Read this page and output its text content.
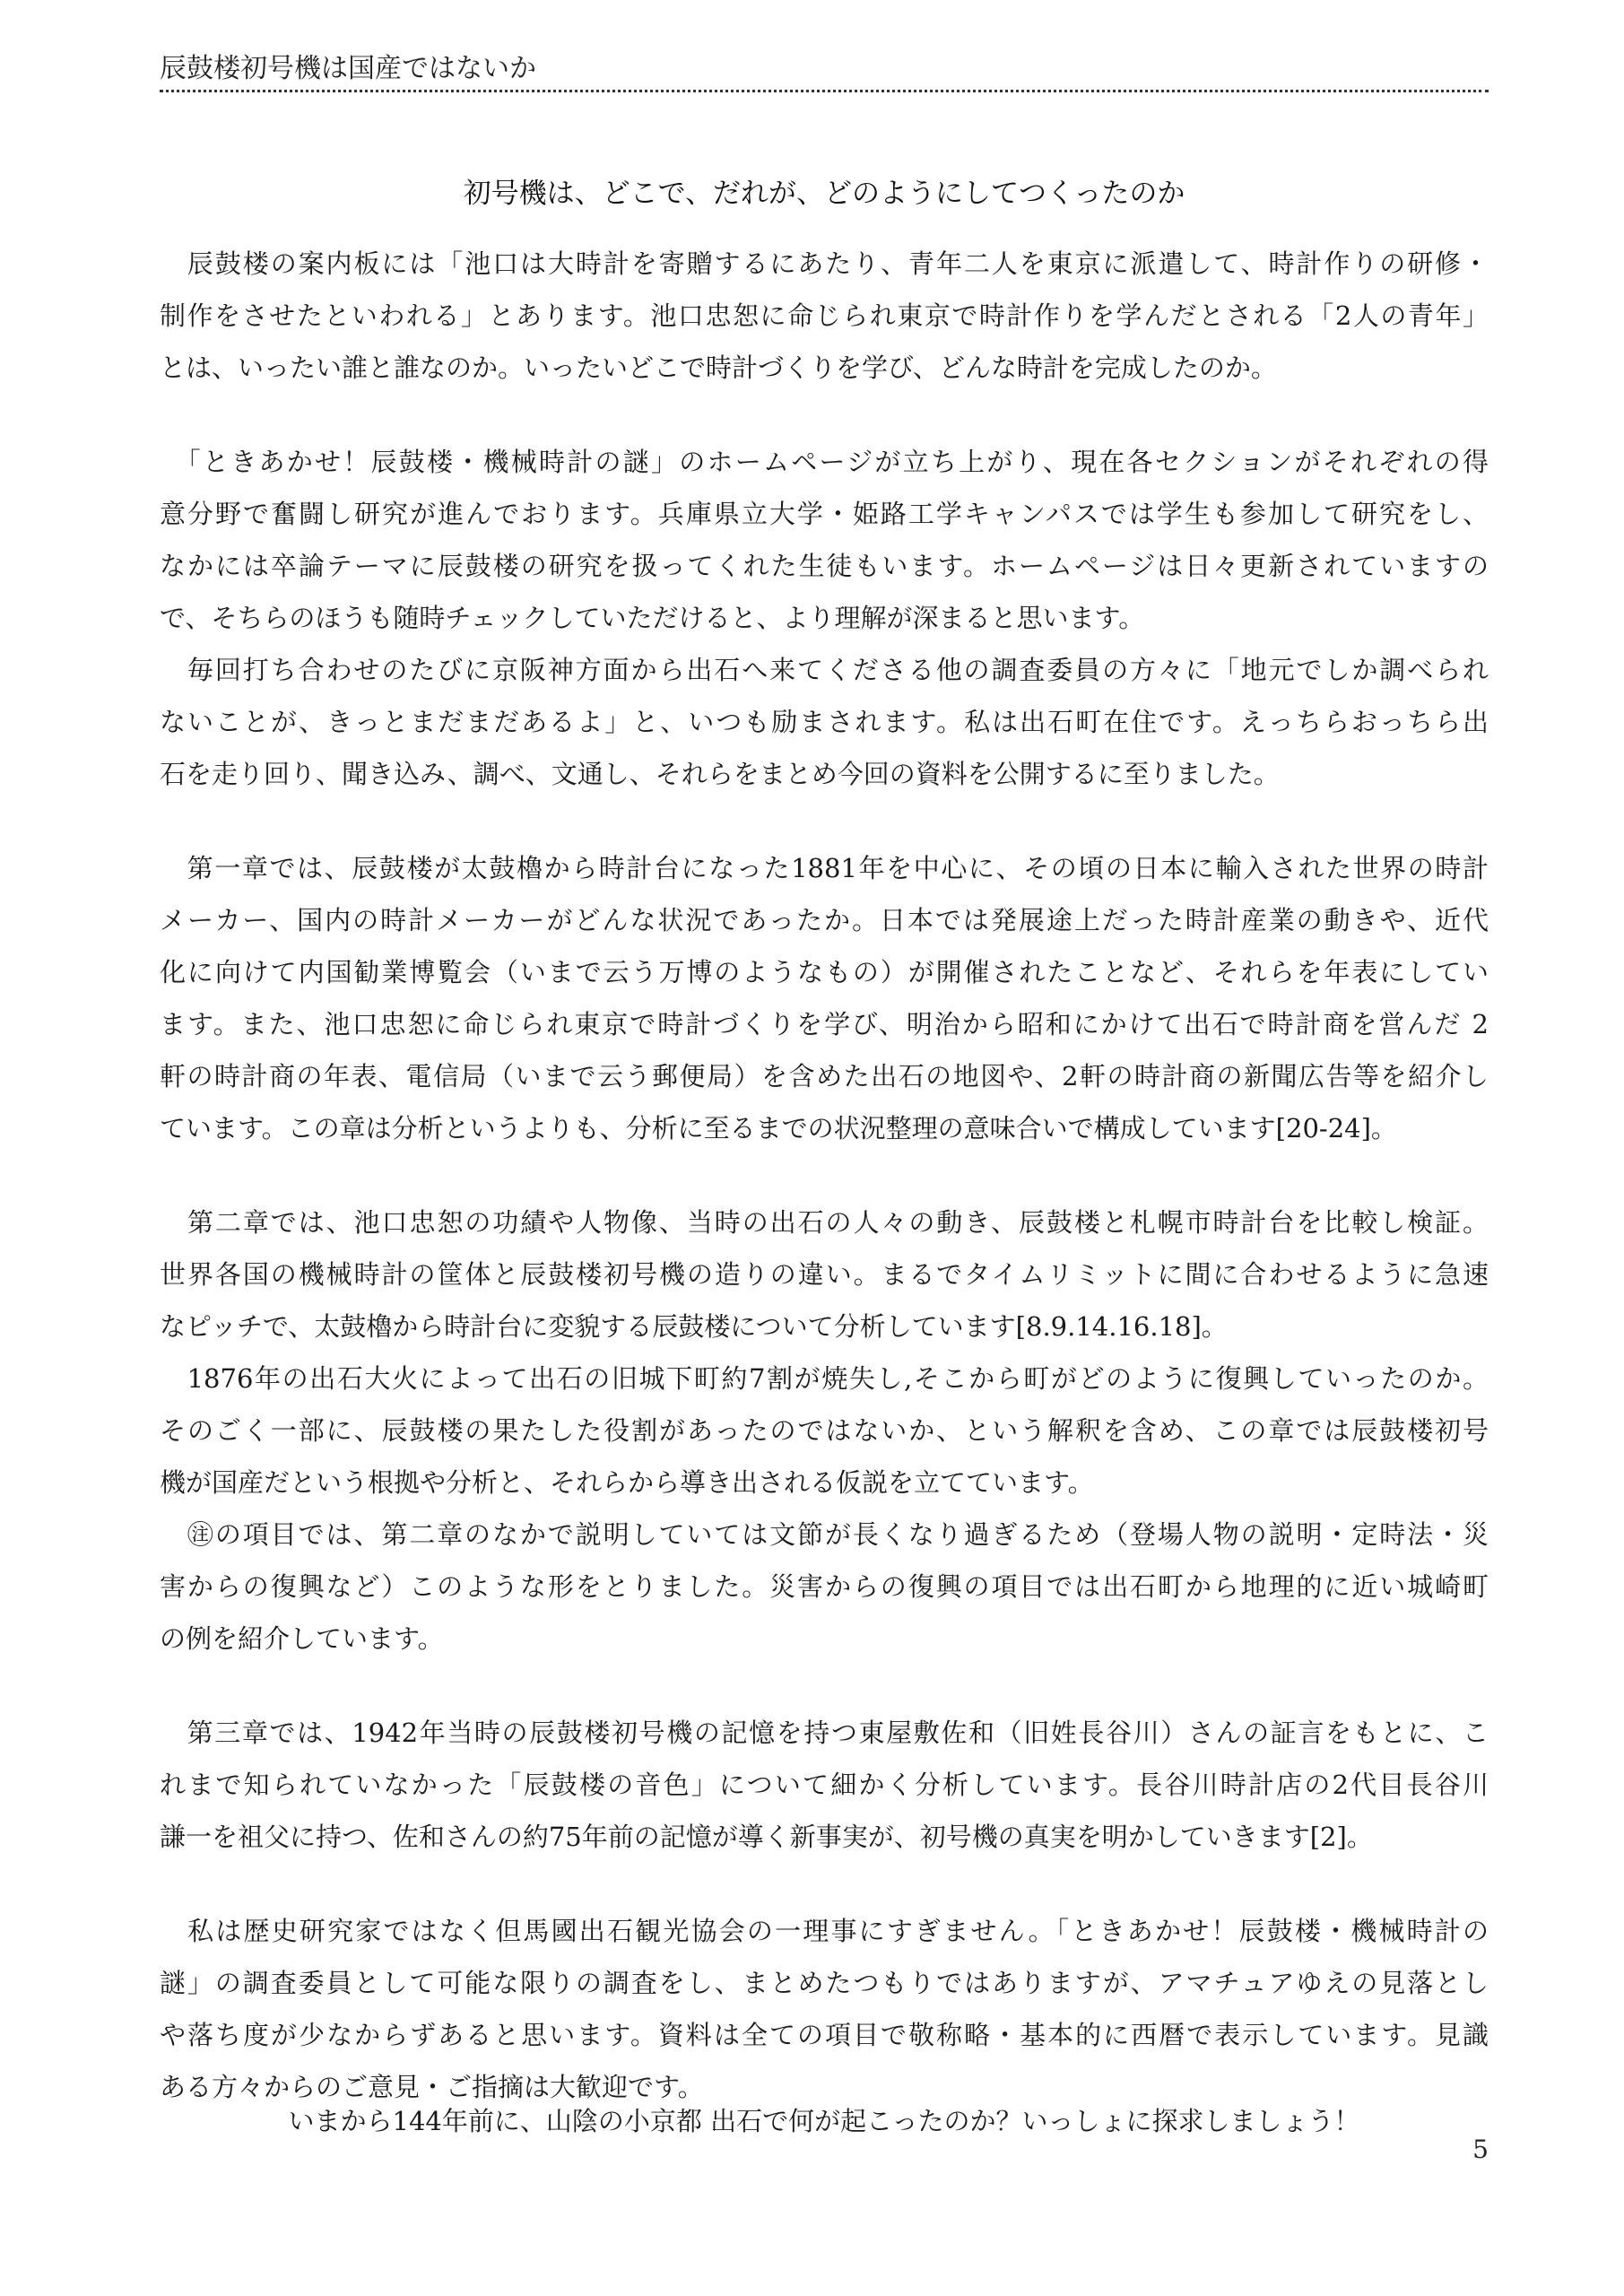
辰鼓楼初号機は国産ではないか
初号機は、どこで、だれが、どのようにしてつくったのか
　辰鼓楼の案内板には「池口は大時計を寄贈するにあたり、青年二人を東京に派遣して、時計作りの研修・
制作をさせたといわれる」とあります。池口忠恕に命じられ東京で時計作りを学んだとされる「2人の青年」
とは、いったい誰と誰なのか。いったいどこで時計づくりを学び、どんな時計を完成したのか。
　「ときあかせ！辰鼓楼・機械時計の謎」のホームページが立ち上がり、現在各セクションがそれぞれの得
意分野で奮闘し研究が進んでおります。兵庫県立大学・姫路工学キャンパスでは学生も参加して研究をし、
なかには卒論テーマに辰鼓楼の研究を扱ってくれた生徒もいます。ホームページは日々更新されていますの
で、そちらのほうも随時チェックしていただけると、より理解が深まると思います。
　毎回打ち合わせのたびに京阪神方面から出石へ来てくださる他の調査委員の方々に「地元でしか調べられ
ないことが、きっとまだまだあるよ」と、いつも励まされます。私は出石町在住です。えっちらおっちら出
石を走り回り、聞き込み、調べ、文通し、それらをまとめ今回の資料を公開するに至りました。
　第一章では、辰鼓楼が太鼓櫓から時計台になった1881年を中心に、その頃の日本に輸入された世界の時計
メーカー、国内の時計メーカーがどんな状況であったか。日本では発展途上だった時計産業の動きや、近代
化に向けて内国勧業博覧会（いまで云う万博のようなもの）が開催されたことなど、それらを年表にしてい
ます。また、池口忠恕に命じられ東京で時計づくりを学び、明治から昭和にかけて出石で時計商を営んだ 2
軒の時計商の年表、電信局（いまで云う郵便局）を含めた出石の地図や、2軒の時計商の新聞広告等を紹介し
ています。この章は分析というよりも、分析に至るまでの状況整理の意味合いで構成しています[20-24]。
　第二章では、池口忠恕の功績や人物像、当時の出石の人々の動き、辰鼓楼と札幌市時計台を比較し検証。
世界各国の機械時計の筐体と辰鼓楼初号機の造りの違い。まるでタイムリミットに間に合わせるように急速
なピッチで、太鼓櫓から時計台に変貌する辰鼓楼について分析しています[8.9.14.16.18]。
　1876年の出石大火によって出石の旧城下町約7割が焼失し,そこから町がどのように復興していったのか。
そのごく一部に、辰鼓楼の果たした役割があったのではないか、という解釈を含め、この章では辰鼓楼初号
機が国産だという根拠や分析と、それらから導き出される仮説を立てています。
　㊟の項目では、第二章のなかで説明していては文節が長くなり過ぎるため（登場人物の説明・定時法・災
害からの復興など）このような形をとりました。災害からの復興の項目では出石町から地理的に近い城崎町
の例を紹介しています。
　第三章では、1942年当時の辰鼓楼初号機の記憶を持つ東屋敷佐和（旧姓長谷川）さんの証言をもとに、こ
れまで知られていなかった「辰鼓楼の音色」について細かく分析しています。長谷川時計店の2代目長谷川
謙一を祖父に持つ、佐和さんの約75年前の記憶が導く新事実が、初号機の真実を明かしていきます[2]。
　私は歴史研究家ではなく但馬國出石観光協会の一理事にすぎません。「ときあかせ！辰鼓楼・機械時計の
謎」の調査委員として可能な限りの調査をし、まとめたつもりではありますが、アマチュアゆえの見落とし
や落ち度が少なからずあると思います。資料は全ての項目で敬称略・基本的に西暦で表示しています。見識
ある方々からのご意見・ご指摘は大歓迎です。
いまから144年前に、山陰の小京都 出石で何が起こったのか？いっしょに探求しましょう！
5
